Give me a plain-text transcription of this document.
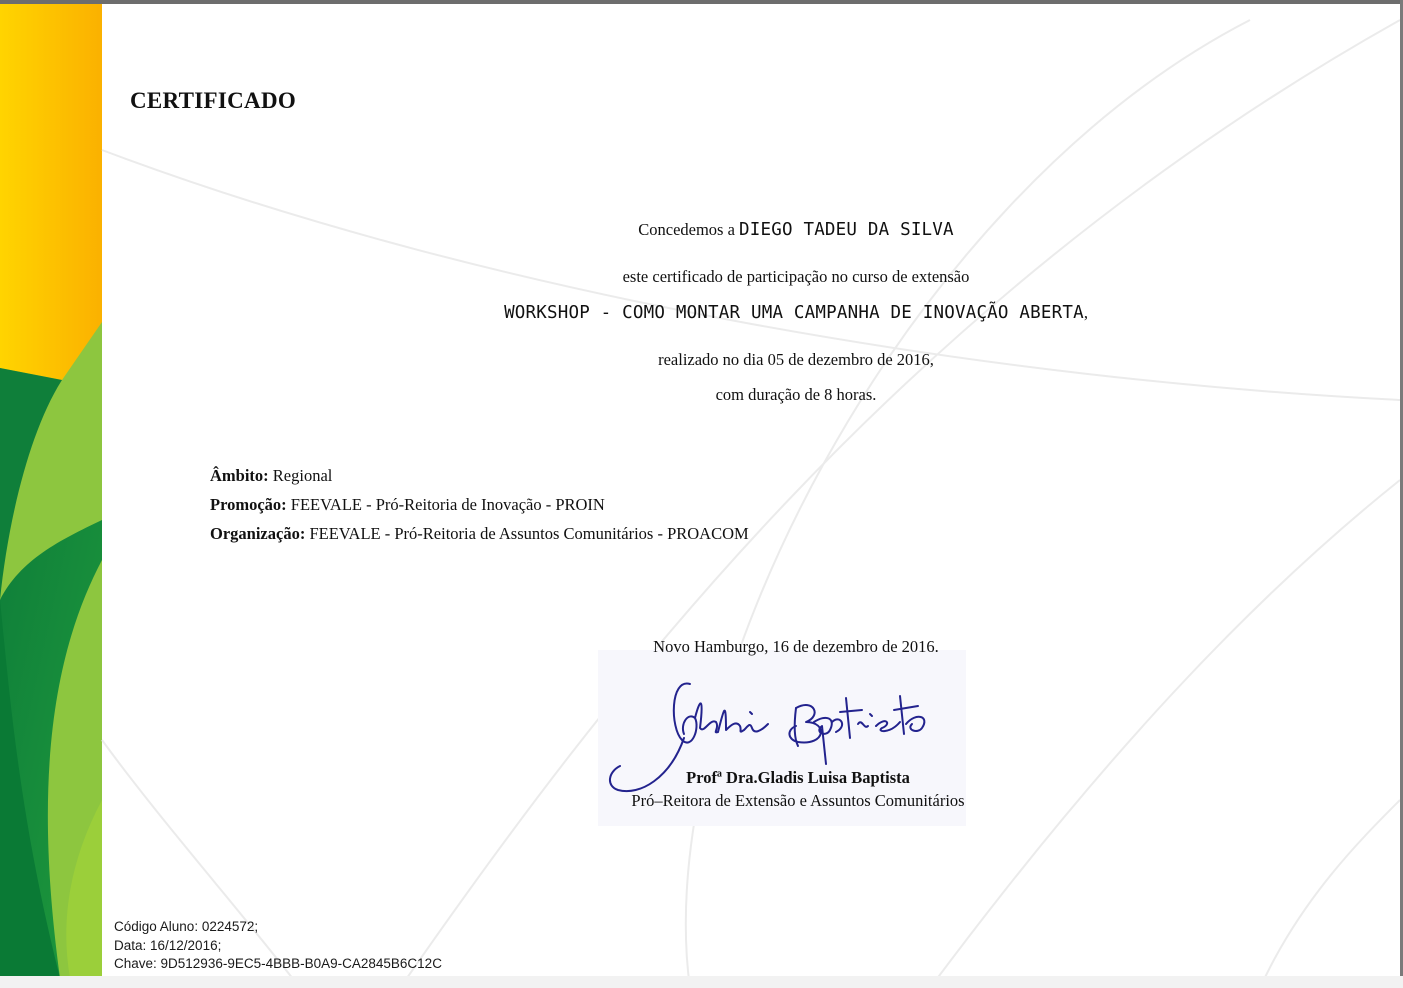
CERTIFICADO
Concedemos a DIEGO TADEU DA SILVA
este certificado de participação no curso de extensão
WORKSHOP - COMO MONTAR UMA CAMPANHA DE INOVAÇÃO ABERTA,
realizado no dia 05 de dezembro de 2016,
com duração de 8 horas.
Âmbito: Regional
Promoção: FEEVALE - Pró-Reitoria de Inovação - PROIN
Organização: FEEVALE - Pró-Reitoria de Assuntos Comunitários - PROACOM
Novo Hamburgo, 16 de dezembro de 2016.
Profª Dra.Gladis Luisa Baptista
Pró–Reitora de Extensão e Assuntos Comunitários
Código Aluno: 0224572;
Data: 16/12/2016;
Chave: 9D512936-9EC5-4BBB-B0A9-CA2845B6C12C
